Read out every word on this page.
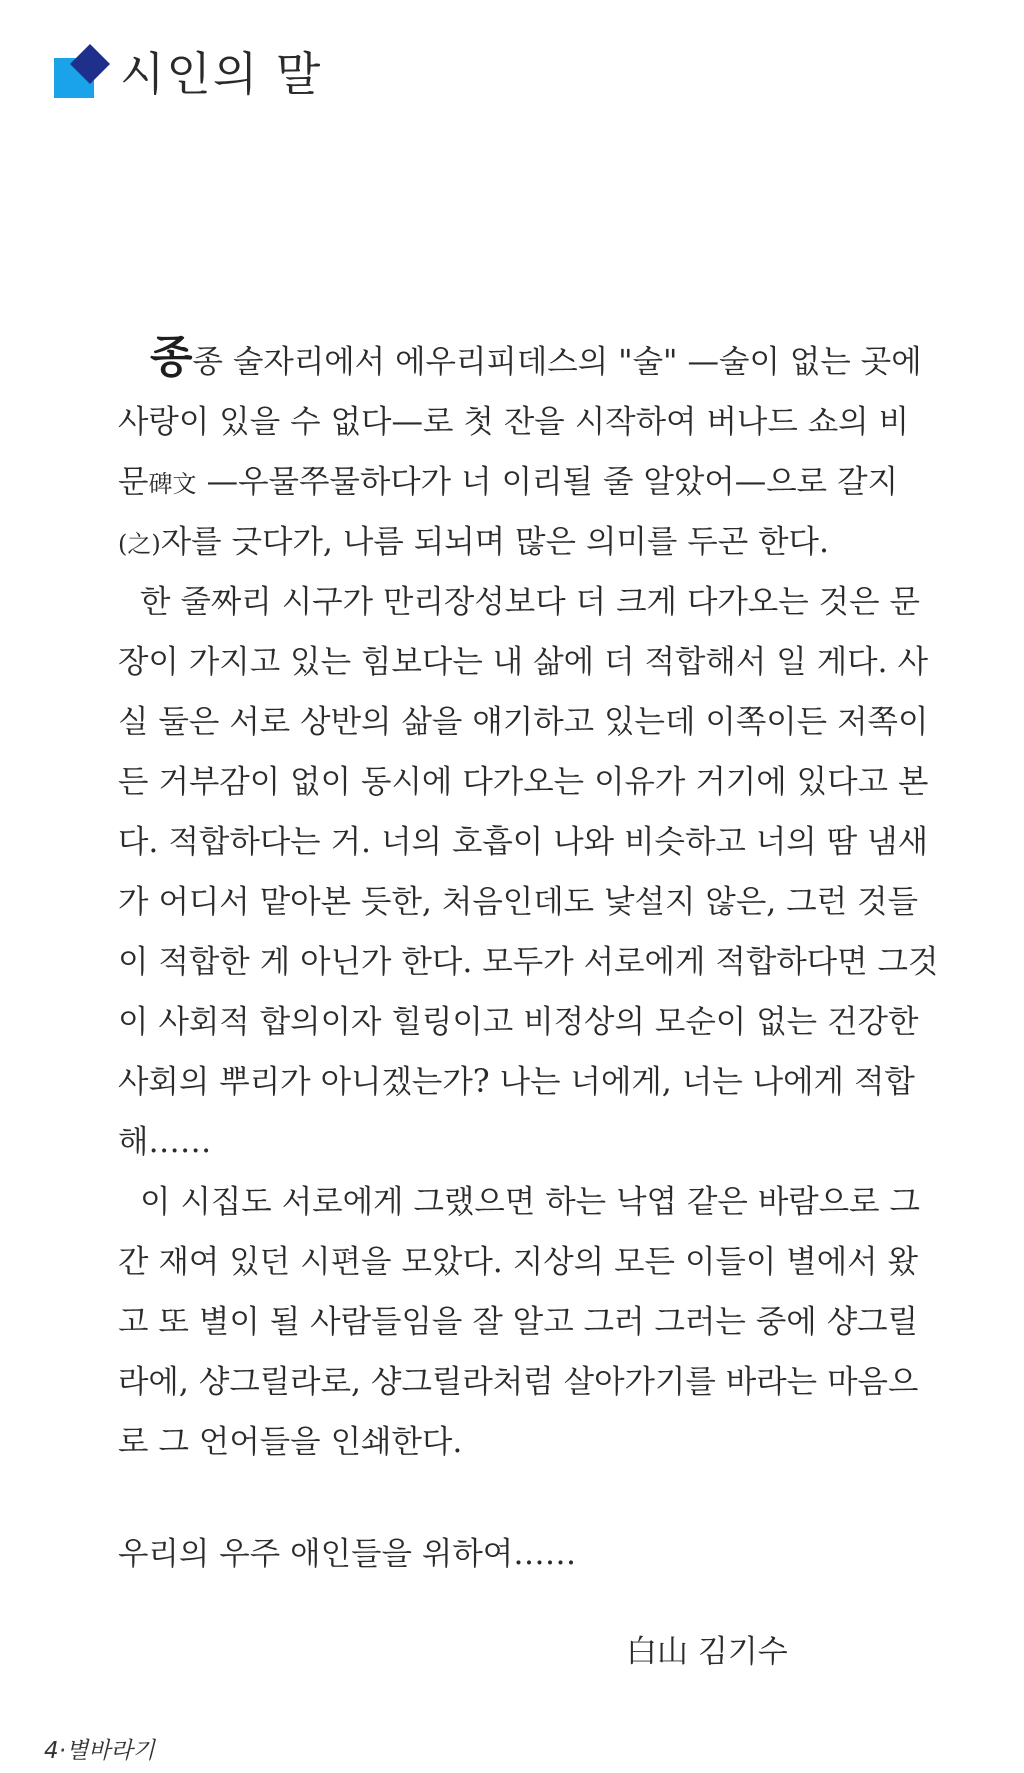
시인의 말
종종 술자리에서 에우리피데스의 "술" —술이 없는 곳에
사랑이 있을 수 없다—로 첫 잔을 시작하여 버나드 쇼의 비
문碑文 —우물쭈물하다가 너 이리될 줄 알았어—으로 갈지
(之)자를 긋다가, 나름 되뇌며 많은 의미를 두곤 한다.
한 줄짜리 시구가 만리장성보다 더 크게 다가오는 것은 문
장이 가지고 있는 힘보다는 내 삶에 더 적합해서 일 게다. 사
실 둘은 서로 상반의 삶을 얘기하고 있는데 이쪽이든 저쪽이
든 거부감이 없이 동시에 다가오는 이유가 거기에 있다고 본
다. 적합하다는 거. 너의 호흡이 나와 비슷하고 너의 땀 냄새
가 어디서 맡아본 듯한, 처음인데도 낯설지 않은, 그런 것들
이 적합한 게 아닌가 한다. 모두가 서로에게 적합하다면 그것
이 사회적 합의이자 힐링이고 비정상의 모순이 없는 건강한
사회의 뿌리가 아니겠는가? 나는 너에게, 너는 나에게 적합
해……
이 시집도 서로에게 그랬으면 하는 낙엽 같은 바람으로 그
간 재여 있던 시편을 모았다. 지상의 모든 이들이 별에서 왔
고 또 별이 될 사람들임을 잘 알고 그러 그러는 중에 샹그릴
라에, 샹그릴라로, 샹그릴라처럼 살아가기를 바라는 마음으
로 그 언어들을 인쇄한다.
우리의 우주 애인들을 위하여……
白山 김기수
4·별바라기
